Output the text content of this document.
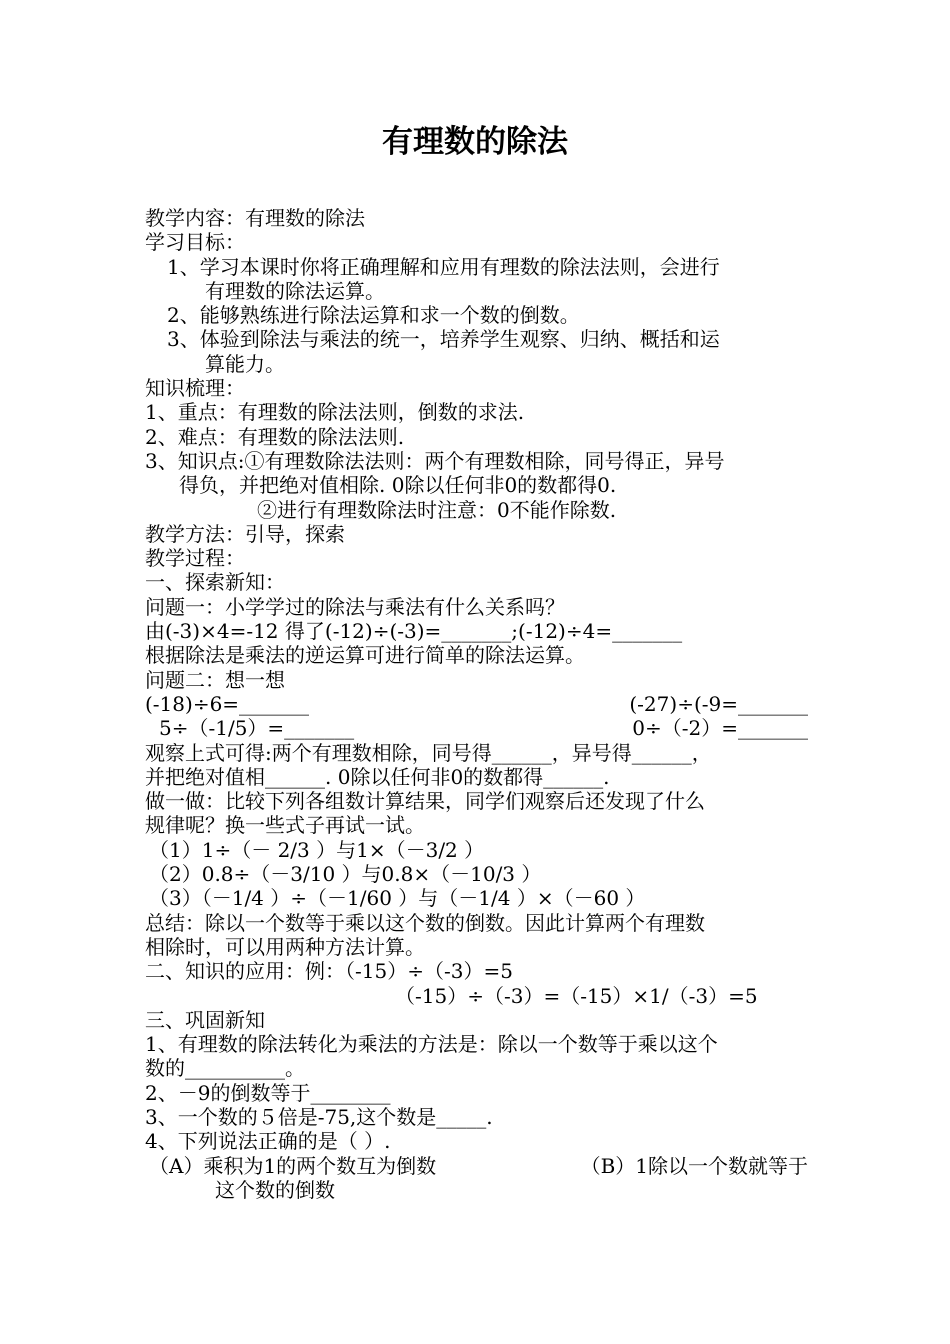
有理数的除法
教学内容：有理数的除法
学习目标：
1、学习本课时你将正确理解和应用有理数的除法法则，会进行
有理数的除法运算。
2、能够熟练进行除法运算和求一个数的倒数。
3、体验到除法与乘法的统一，培养学生观察、归纳、概括和运
算能力。
知识梳理：
1、重点：有理数的除法法则，倒数的求法.
2、难点：有理数的除法法则.
3、知识点:①有理数除法法则：两个有理数相除，同号得正，异号
得负，并把绝对值相除. 0除以任何非0的数都得0.
②进行有理数除法时注意：0不能作除数.
教学方法：引导，探索
教学过程：
一、探索新知：
问题一：小学学过的除法与乘法有什么关系吗？
由(-3)×4=-12 得了(-12)÷(-3)=_______;(-12)÷4=_______
根据除法是乘法的逆运算可进行简单的除法运算。
问题二：想一想
(-18)÷6=_______	(-27)÷(-9=_______
5÷（-1/5）=_______	0÷（-2）=_______
观察上式可得:两个有理数相除，同号得______，异号得______，
并把绝对值相______. 0除以任何非0的数都得______.
做一做：比较下列各组数计算结果，同学们观察后还发现了什么
规律呢？换一些式子再试一试。
（1）1÷（－ 2/3 ）与1×（－3/2 ）
（2）0.8÷（－3/10 ）与0.8×（－10/3 ）
（3）（－1/4 ）÷（－1/60 ）与（－1/4 ）×（－60 ）
总结：除以一个数等于乘以这个数的倒数。因此计算两个有理数
相除时，可以用两种方法计算。
二、知识的应用：例：（-15）÷（-3）=5
（-15）÷（-3）=（-15）×1/（-3）=5
三、巩固新知
1、有理数的除法转化为乘法的方法是：除以一个数等于乘以这个
数的__________。
2、－9的倒数等于________
3、一个数的５倍是-75,这个数是_____.
4、下列说法正确的是（ ）.
（A）乘积为1的两个数互为倒数	（B）1除以一个数就等于
这个数的倒数
